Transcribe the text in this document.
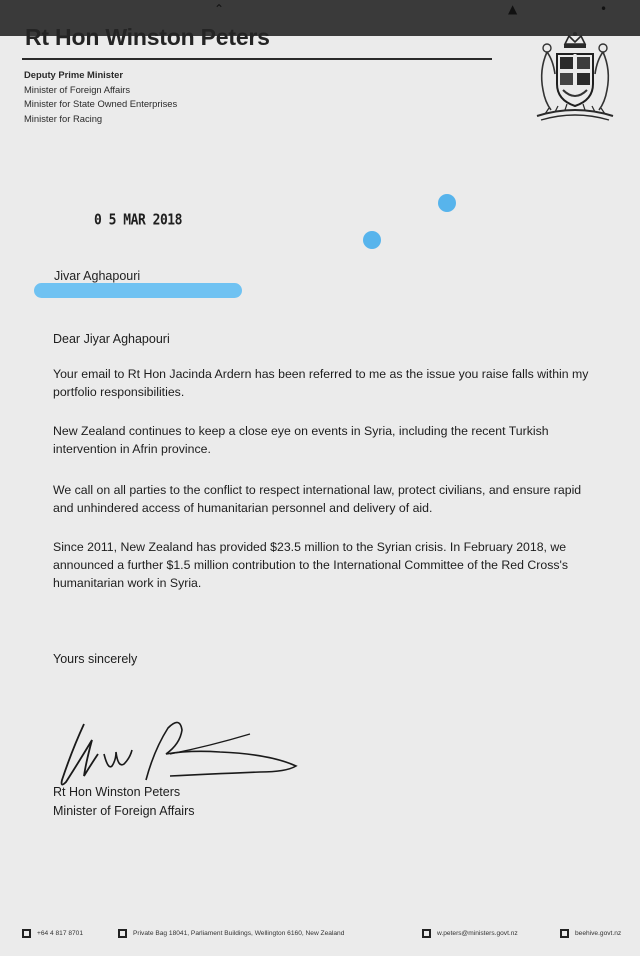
⌃	▲	•
Rt Hon Winston Peters
Deputy Prime Minister
Minister of Foreign Affairs
Minister for State Owned Enterprises
Minister for Racing
0 5 MAR 2018
Jivar Aghapouri
Dear Jiyar Aghapouri

Your email to Rt Hon Jacinda Ardern has been referred to me as the issue you raise falls within my portfolio responsibilities.

New Zealand continues to keep a close eye on events in Syria, including the recent Turkish intervention in Afrin province.

We call on all parties to the conflict to respect international law, protect civilians, and ensure rapid and unhindered access of humanitarian personnel and delivery of aid.

Since 2011, New Zealand has provided $23.5 million to the Syrian crisis. In February 2018, we announced a further $1.5 million contribution to the International Committee of the Red Cross's humanitarian work in Syria.

Yours sincerely
Rt Hon Winston Peters
Minister of Foreign Affairs
+64 4 817 8701	Private Bag 18041, Parliament Buildings, Wellington 6160, New Zealand	w.peters@ministers.govt.nz	beehive.govt.nz
